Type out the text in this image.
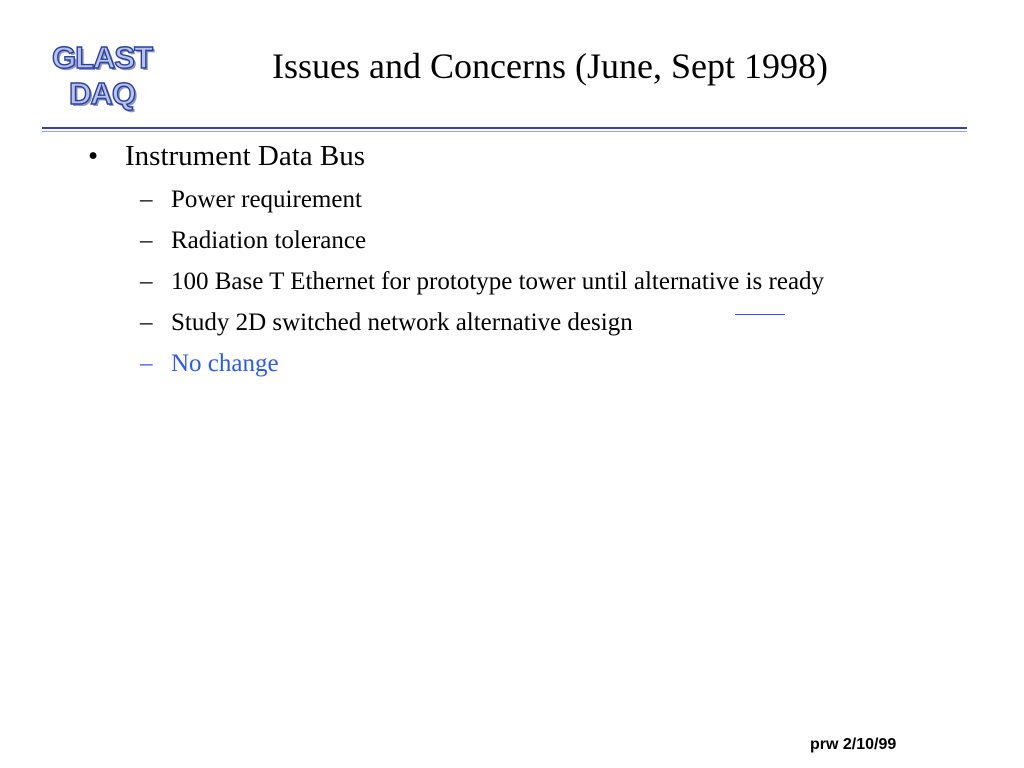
GLAST
DAQ
Issues and Concerns (June, Sept 1998)
• Instrument Data Bus
– Power requirement
– Radiation tolerance
– 100 Base T Ethernet for prototype tower until alternative is ready
– Study 2D switched network alternative design
– No change
prw 2/10/99
